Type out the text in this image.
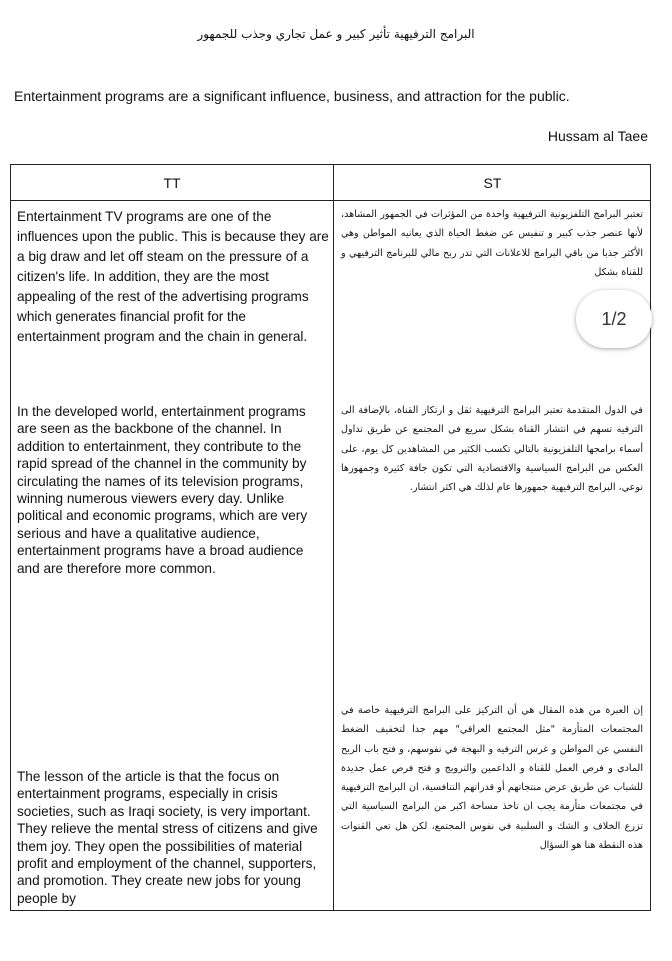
البرامج الترفيهية تأثير كبير و عمل تجاري وجذب للجمهور
Entertainment programs are a significant influence, business, and attraction for the public.
Hussam al Taee
TT	ST
Entertainment TV programs are one of the influences upon the public. This is because they are a big draw and let off steam on the pressure of a citizen's life. In addition, they are the most appealing of the rest of the advertising programs which generates financial profit for the entertainment program and the chain in general.
تعتبر البرامج التلفزيونية الترفيهية واحدة من المؤثرات في الجمهور المشاهد، لأنها عنصر جذب كبير و تنفيس عن ضغط الحياة الذي يعانيه المواطن وهي الأكثر جذبا من باقي البرامج للاعلانات التي تدر ربح مالي للبرنامج الترفيهي و للقناة بشكل
In the developed world, entertainment programs are seen as the backbone of the channel. In addition to entertainment, they contribute to the rapid spread of the channel in the community by circulating the names of its television programs, winning numerous viewers every day. Unlike political and economic programs, which are very serious and have a qualitative audience, entertainment programs have a broad audience and are therefore more common.
في الدول المتقدمة تعتبر البرامج الترفيهية ثقل و ارتكاز القناة، بالإضافة الى الترفيه تسهم في انتشار القناة بشكل سريع في المجتمع عن طريق تداول أسماء برامجها التلفزيونية بالتالي تكسب الكثير من المشاهدين كل يوم، على العكس من البرامج السياسية والاقتصادية التي تكون جافة كثيرة وجمهورها نوعي، البرامج الترفيهية جمهورها عام لذلك هي اكثر انتشار.
The lesson of the article is that the focus on entertainment programs, especially in crisis societies, such as Iraqi society, is very important. They relieve the mental stress of citizens and give them joy. They open the possibilities of material profit and employment of the channel, supporters, and promotion. They create new jobs for young people by
إن العبرة من هذه المقال هي أن التركيز على البرامج الترفيهية خاصة في المجتمعات المتأزمة "مثل المجتمع العراقي" مهم جدا لتخفيف الضغط النفسي عن المواطن و غرس الترفيه و البهجة في نفوسهم، و فتح باب الربح المادي و فرص العمل للقناة و الداعمين والترويج و فتح فرص عمل جديدة للشباب عن طريق عرض منتجاتهم أو قدراتهم التنافسية، ان البرامج الترفيهية في مجتمعات متأزمة يجب ان تاخذ مساحة اكبر من البرامج السياسية التي تزرع الخلاف و الشك و السلبية في نفوس المجتمع، لكن هل تعي القنوات هذه النقطة هنا هو السؤال
1/2
